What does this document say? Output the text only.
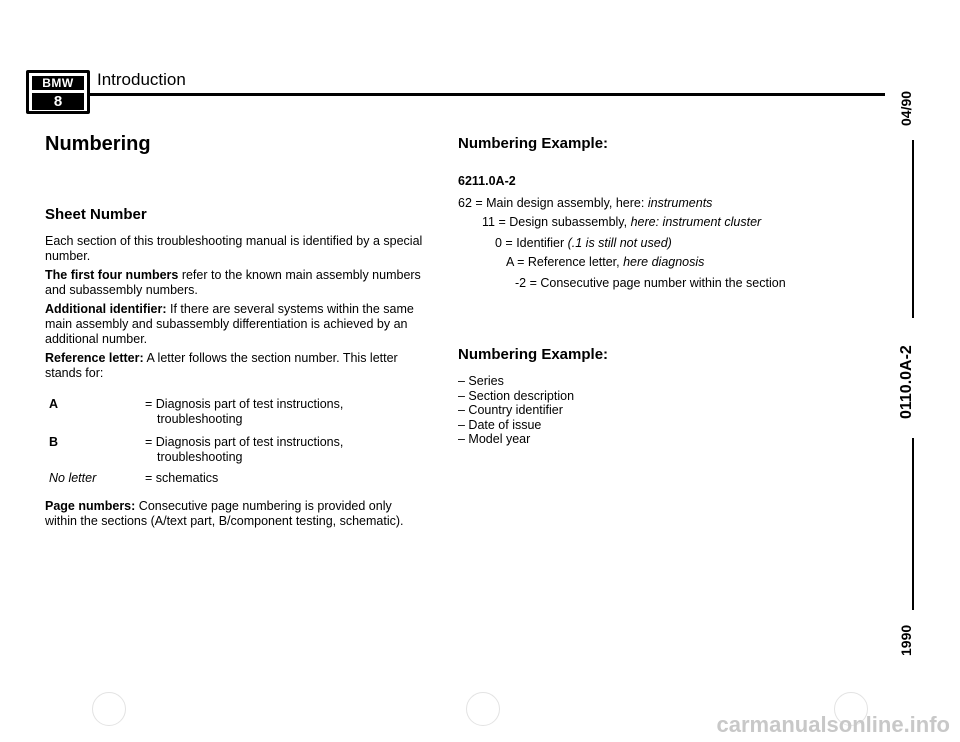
BMW
8
Introduction
Numbering
Sheet Number
Each section of this troubleshooting manual is identified by a special number.
The first four numbers refer to the known main assembly numbers and subassembly numbers.
Additional identifier: If there are several systems within the same main assembly and subassembly differentiation is achieved by an additional number.
Reference letter: A letter follows the section number. This letter stands for:
A	= Diagnosis part of test instructions,
troubleshooting
B	= Diagnosis part of test instructions,
troubleshooting
No letter	= schematics
Page numbers: Consecutive page numbering is provided only within the sections (A/text part, B/component testing, schematic).
Numbering Example:
6211.0A-2
62 = Main design assembly, here: instruments
11 = Design subassembly, here: instrument cluster
0 = Identifier (.1 is still not used)
A = Reference letter, here diagnosis
-2 = Consecutive page number within the section
Numbering Example:
– Series
– Section description
– Country identifier
– Date of issue
– Model year
04/90
0110.0A-2
1990
carmanualsonline.info
